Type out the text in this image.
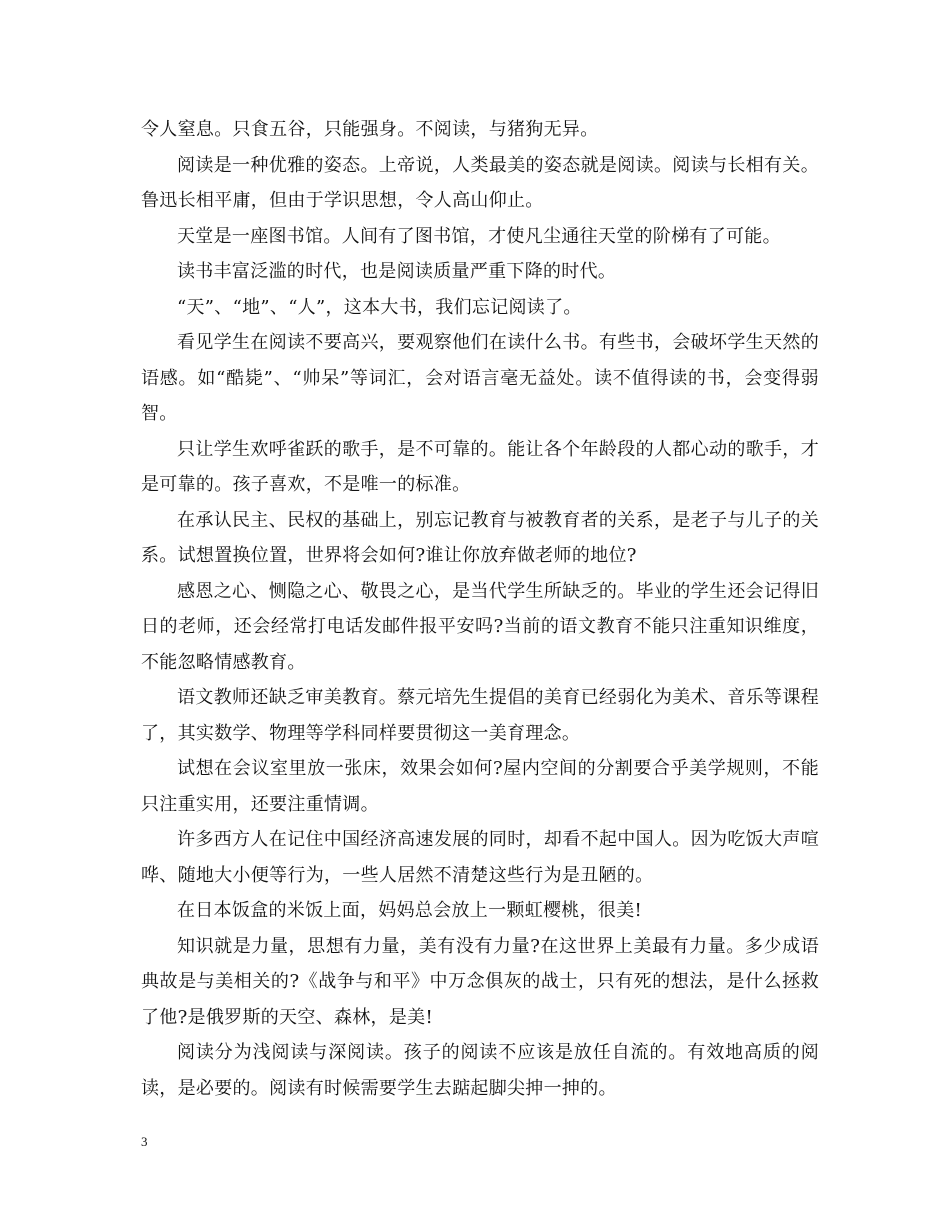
令人窒息。只食五谷，只能强身。不阅读，与猪狗无异。

阅读是一种优雅的姿态。上帝说，人类最美的姿态就是阅读。阅读与长相有关。鲁迅长相平庸，但由于学识思想，令人高山仰止。

天堂是一座图书馆。人间有了图书馆，才使凡尘通往天堂的阶梯有了可能。

读书丰富泛滥的时代，也是阅读质量严重下降的时代。

“天”、“地”、“人”，这本大书，我们忘记阅读了。

看见学生在阅读不要高兴，要观察他们在读什么书。有些书，会破坏学生天然的语感。如“酷毙”、“帅呆”等词汇，会对语言毫无益处。读不值得读的书，会变得弱智。

只让学生欢呼雀跃的歌手，是不可靠的。能让各个年龄段的人都心动的歌手，才是可靠的。孩子喜欢，不是唯一的标准。

在承认民主、民权的基础上，别忘记教育与被教育者的关系，是老子与儿子的关系。试想置换位置，世界将会如何?谁让你放弃做老师的地位?

感恩之心、恻隐之心、敬畏之心，是当代学生所缺乏的。毕业的学生还会记得旧日的老师，还会经常打电话发邮件报平安吗?当前的语文教育不能只注重知识维度，不能忽略情感教育。

语文教师还缺乏审美教育。蔡元培先生提倡的美育已经弱化为美术、音乐等课程了，其实数学、物理等学科同样要贯彻这一美育理念。

试想在会议室里放一张床，效果会如何?屋内空间的分割要合乎美学规则，不能只注重实用，还要注重情调。

许多西方人在记住中国经济高速发展的同时，却看不起中国人。因为吃饭大声喧哗、随地大小便等行为，一些人居然不清楚这些行为是丑陋的。

在日本饭盒的米饭上面，妈妈总会放上一颗虹樱桃，很美!

知识就是力量，思想有力量，美有没有力量?在这世界上美最有力量。多少成语典故是与美相关的?《战争与和平》中万念俱灰的战士，只有死的想法，是什么拯救了他?是俄罗斯的天空、森林，是美!

阅读分为浅阅读与深阅读。孩子的阅读不应该是放任自流的。有效地高质的阅读，是必要的。阅读有时候需要学生去踮起脚尖抻一抻的。

3
